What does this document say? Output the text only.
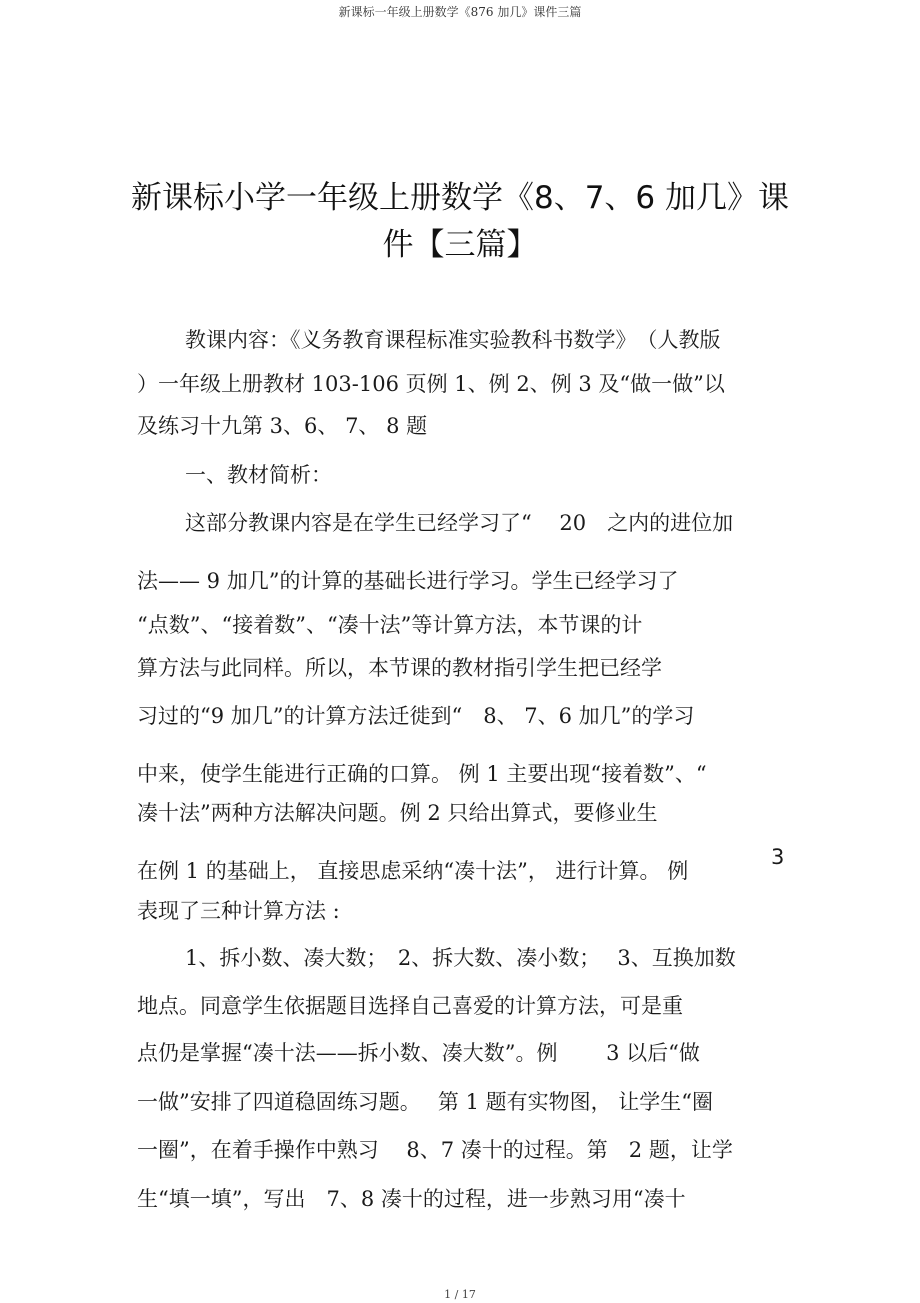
新课标一年级上册数学《876 加几》课件三篇
新课标小学一年级上册数学《8、7、6 加几》课
件【三篇】
教课内容：《义务教育课程标准实验教科书数学》　（人教版
）一年级上册教材 103-106 页例 1、例 2、例 3 及“做一做”以
及练习十九第 3、6、 7、 8 题
一、教材简析：
这部分教课内容是在学生已经学习了“　 20　之内的进位加
法—— 9 加几”的计算的基础长进行学习。学生已经学习了
“点数”、“接着数”、“凑十法”等计算方法，本节课的计
算方法与此同样。所以，本节课的教材指引学生把已经学
习过的“9 加几”的计算方法迁徙到“　8、 7、6 加几”的学习
中来，使学生能进行正确的口算。 例 1 主要出现“接着数”、“
凑十法”两种方法解决问题。例 2 只给出算式，要修业生
在例 1 的基础上， 直接思虑采纳“凑十法”， 进行计算。 例
3
表现了三种计算方法 :
1、拆小数、凑大数；　2、拆大数、凑小数；　 3、互换加数
地点。同意学生依据题目选择自己喜爱的计算方法，可是重
点仍是掌握“凑十法——拆小数、凑大数”。例　　 3 以后“做
一做”安排了四道稳固练习题。　 第 1 题有实物图， 让学生“圈
一圈”，在着手操作中熟习　 8、7 凑十的过程。第　2 题，让学
生“填一填”，写出　7、8 凑十的过程，进一步熟习用“凑十
1 / 17
